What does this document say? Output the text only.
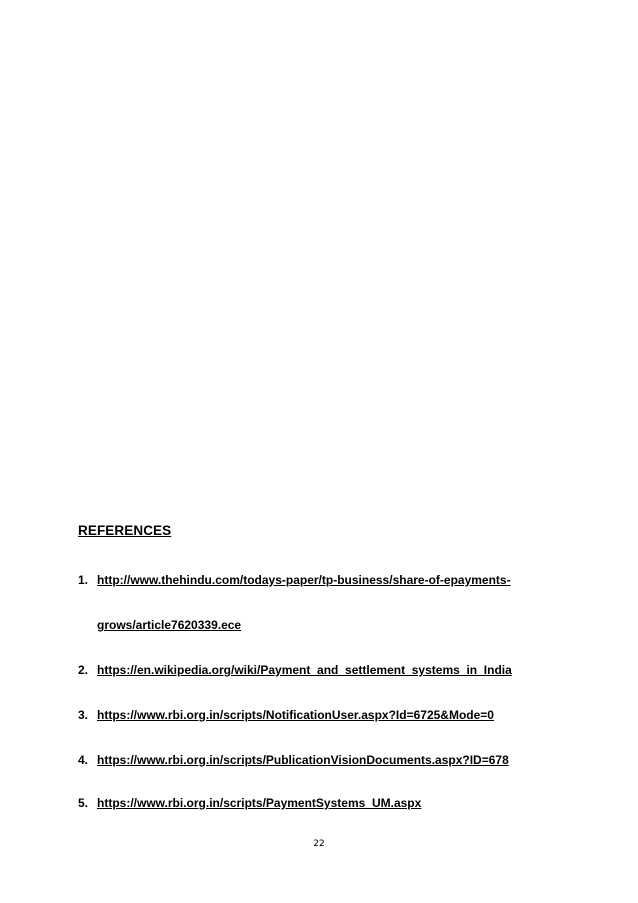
REFERENCES
1. http://www.thehindu.com/todays-paper/tp-business/share-of-epayments-
grows/article7620339.ece
2. https://en.wikipedia.org/wiki/Payment_and_settlement_systems_in_India
3. https://www.rbi.org.in/scripts/NotificationUser.aspx?Id=6725&Mode=0
4. https://www.rbi.org.in/scripts/PublicationVisionDocuments.aspx?ID=678
5. https://www.rbi.org.in/scripts/PaymentSystems_UM.aspx
22
